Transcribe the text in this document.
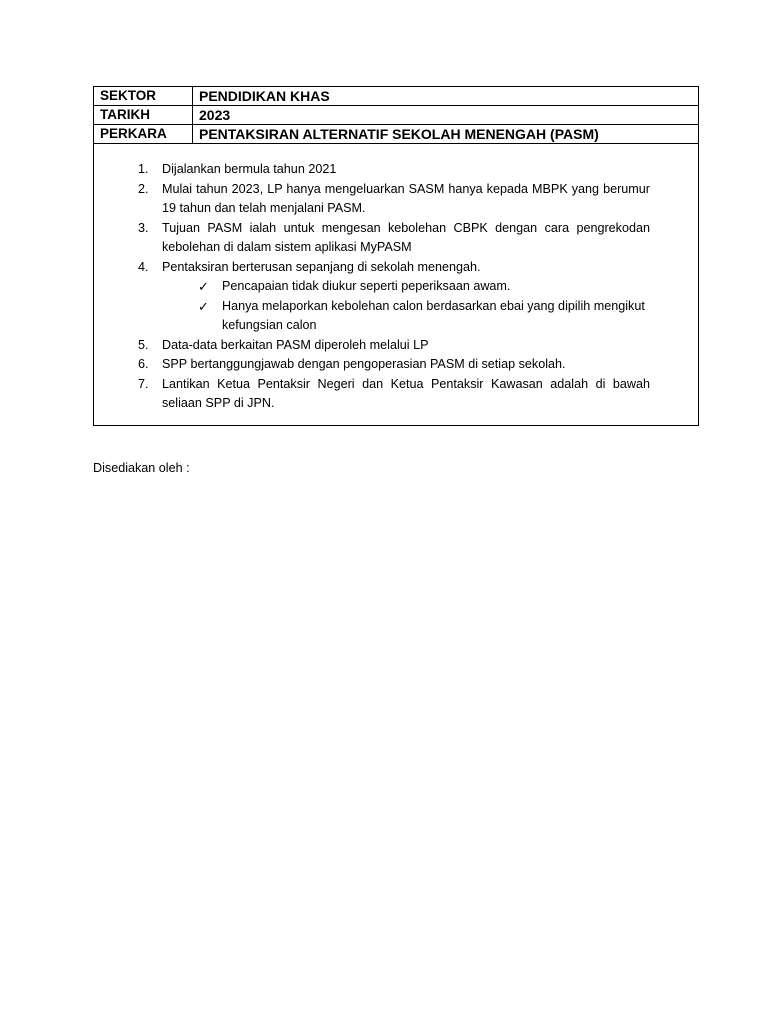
SEKTOR	PENDIDIKAN KHAS
TARIKH	2023
PERKARA	PENTAKSIRAN ALTERNATIF SEKOLAH MENENGAH (PASM)
1. Dijalankan bermula tahun 2021
2. Mulai tahun 2023, LP hanya mengeluarkan SASM hanya kepada MBPK yang berumur 19 tahun dan telah menjalani PASM.
3. Tujuan PASM ialah untuk mengesan kebolehan CBPK dengan cara pengrekodan kebolehan di dalam sistem aplikasi MyPASM
4. Pentaksiran berterusan sepanjang di sekolah menengah.
✓ Pencapaian tidak diukur seperti peperiksaan awam.
✓ Hanya melaporkan kebolehan calon berdasarkan ebai yang dipilih mengikut kefungsian calon
5. Data-data berkaitan PASM diperoleh melalui LP
6. SPP bertanggungjawab dengan pengoperasian PASM di setiap sekolah.
7. Lantikan Ketua Pentaksir Negeri dan Ketua Pentaksir Kawasan adalah di bawah seliaan SPP di JPN.
Disediakan oleh :
